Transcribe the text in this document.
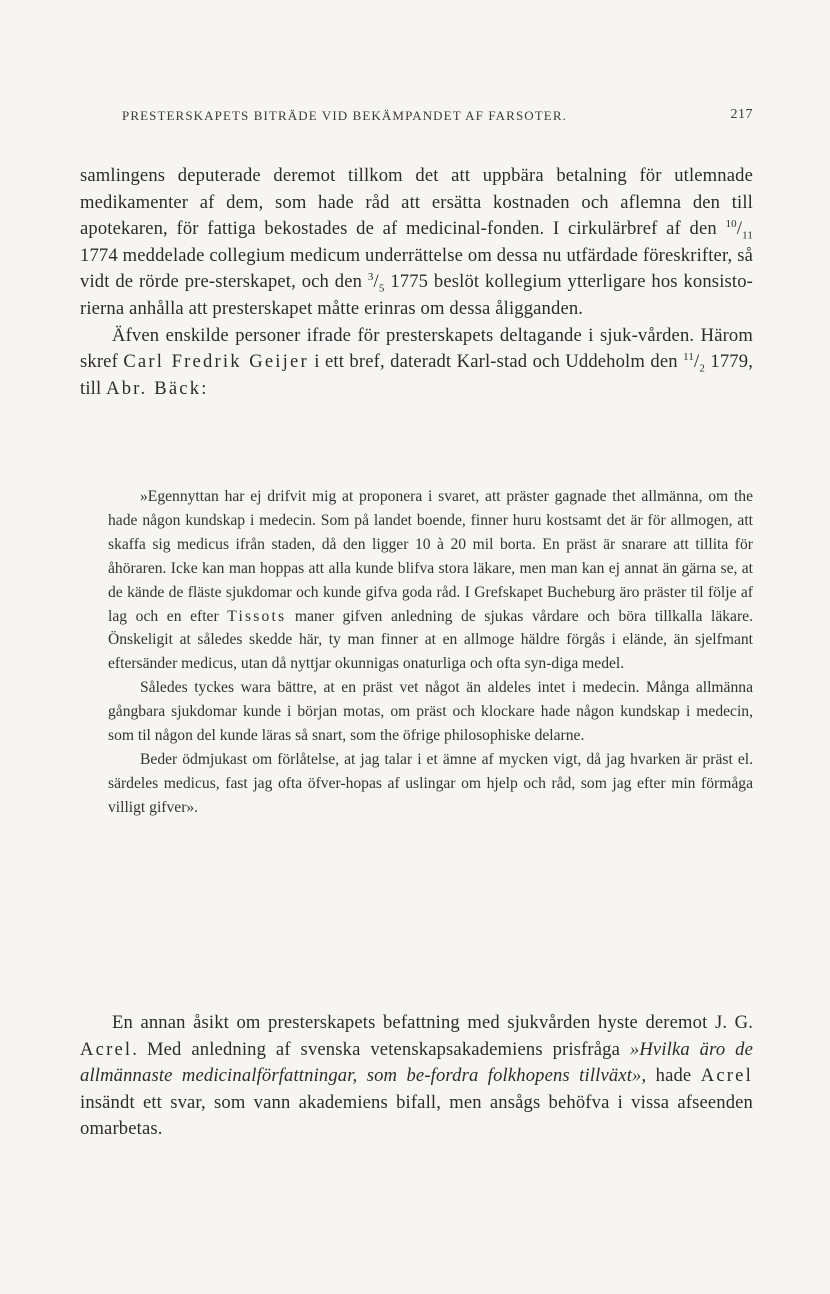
PRESTERSKAPETS BITRÄDE VID BEKÄMPANDET AF FARSOTER.	217

samlingens deputerade deremot tillkom det att uppbära betalning för utlemnade medikamenter af dem, som hade råd att ersätta kostnaden och aflemna den till apotekaren, för fattiga bekostades de af medicinal-fonden. I cirkulärbref af den $^{10}/_{11}$ 1774 meddelade collegium medicum underrättelse om dessa nu utfärdade föreskrifter, så vidt de rörde pre-sterskapet, och den $^3/_5$ 1775 beslöt kollegium ytterligare hos konsisto-rierna anhålla att presterskapet måtte erinras om dessa åligganden.

Äfven enskilde personer ifrade för presterskapets deltagande i sjuk-vården. Härom skref Carl Fredrik Geijer i ett bref, dateradt Karl-stad och Uddeholm den $^{11}/_2$ 1779, till Abr. Bäck:

»Egennyttan har ej drifvit mig at proponera i svaret, att präster gagnade thet allmänna, om the hade någon kundskap i medecin. Som på landet boende, finner huru kostsamt det är för allmogen, att skaffa sig medicus ifrån staden, då den ligger 10 à 20 mil borta. En präst är snarare att tillita för åhöraren. Icke kan man hoppas att alla kunde blifva stora läkare, men man kan ej annat än gärna se, at de kände de fläste sjukdomar och kunde gifva goda råd. I Grefskapet Bucheburg äro präster til följe af lag och en efter Tissots maner gifven anledning de sjukas vårdare och böra tillkalla läkare. Önskeligit at således skedde här, ty man finner at en allmoge häldre förgås i elände, än sjelfmant eftersänder medicus, utan då nyttjar okunnigas onaturliga och ofta syn-diga medel.

Således tyckes wara bättre, at en präst vet något än aldeles intet i medecin. Många allmänna gångbara sjukdomar kunde i början motas, om präst och klockare hade någon kundskap i medecin, som til någon del kunde läras så snart, som the öfrige philosophiske delarne.

Beder ödmjukast om förlåtelse, at jag talar i et ämne af mycken vigt, då jag hvarken är präst el. särdeles medicus, fast jag ofta öfver-hopas af uslingar om hjelp och råd, som jag efter min förmåga villigt gifver».

En annan åsikt om presterskapets befattning med sjukvården hyste deremot J. G. Acrel. Med anledning af svenska vetenskapsakademiens prisfråga »Hvilka äro de allmännaste medicinalförfattningar, som be-fordra folkhopens tillväxt», hade Acrel insändt ett svar, som vann akademiens bifall, men ansågs behöfva i vissa afseenden omarbetas.
